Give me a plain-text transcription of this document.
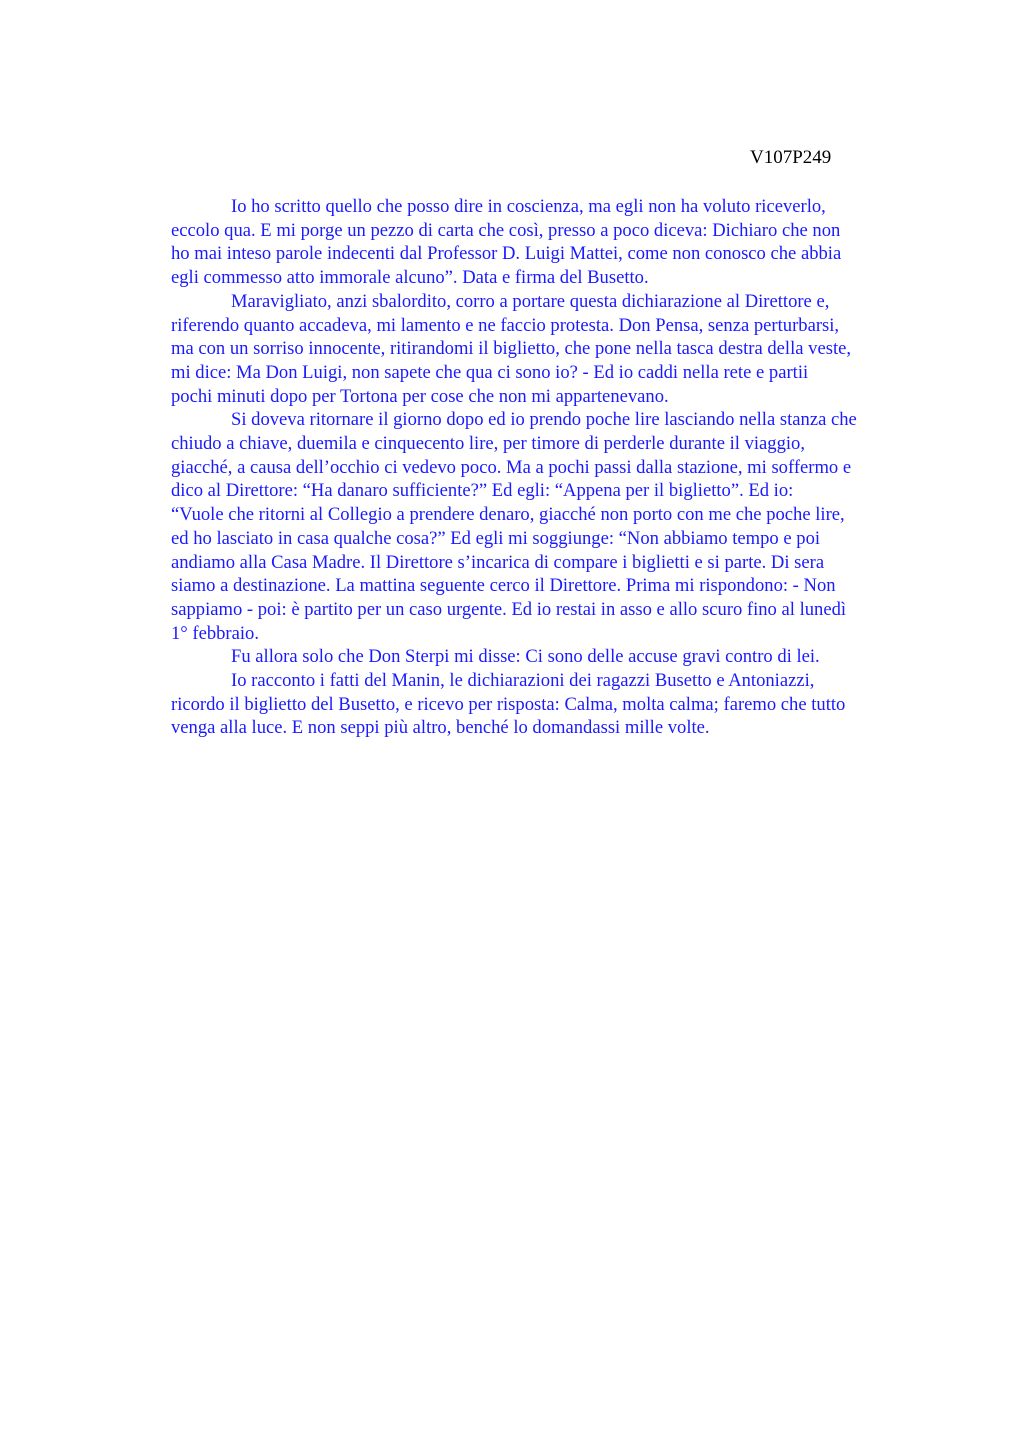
V107P249

Io ho scritto quello che posso dire in coscienza, ma egli non ha voluto riceverlo,
eccolo qua. E mi porge un pezzo di carta che così, presso a poco diceva: Dichiaro che non
ho mai inteso parole indecenti dal Professor D. Luigi Mattei, come non conosco che abbia
egli commesso atto immorale alcuno”. Data e firma del Busetto.

Maravigliato, anzi sbalordito, corro a portare questa dichiarazione al Direttore e,
riferendo quanto accadeva, mi lamento e ne faccio protesta. Don Pensa, senza perturbarsi,
ma con un sorriso innocente, ritirandomi il biglietto, che pone nella tasca destra della veste,
mi dice: Ma Don Luigi, non sapete che qua ci sono io? - Ed io caddi nella rete e partii
pochi minuti dopo per Tortona per cose che non mi appartenevano.

Si doveva ritornare il giorno dopo ed io prendo poche lire lasciando nella stanza che
chiudo a chiave, duemila e cinquecento lire, per timore di perderle durante il viaggio,
giacché, a causa dell’occhio ci vedevo poco. Ma a pochi passi dalla stazione, mi soffermo e
dico al Direttore: “Ha danaro sufficiente?” Ed egli: “Appena per il biglietto”. Ed io:
“Vuole che ritorni al Collegio a prendere denaro, giacché non porto con me che poche lire,
ed ho lasciato in casa qualche cosa?” Ed egli mi soggiunge: “Non abbiamo tempo e poi
andiamo alla Casa Madre. Il Direttore s’incarica di compare i biglietti e si parte. Di sera
siamo a destinazione. La mattina seguente cerco il Direttore. Prima mi rispondono: - Non
sappiamo - poi: è partito per un caso urgente. Ed io restai in asso e allo scuro fino al lunedì
1° febbraio.

Fu allora solo che Don Sterpi mi disse: Ci sono delle accuse gravi contro di lei.

Io racconto i fatti del Manin, le dichiarazioni dei ragazzi Busetto e Antoniazzi,
ricordo il biglietto del Busetto, e ricevo per risposta: Calma, molta calma; faremo che tutto
venga alla luce. E non seppi più altro, benché lo domandassi mille volte.
